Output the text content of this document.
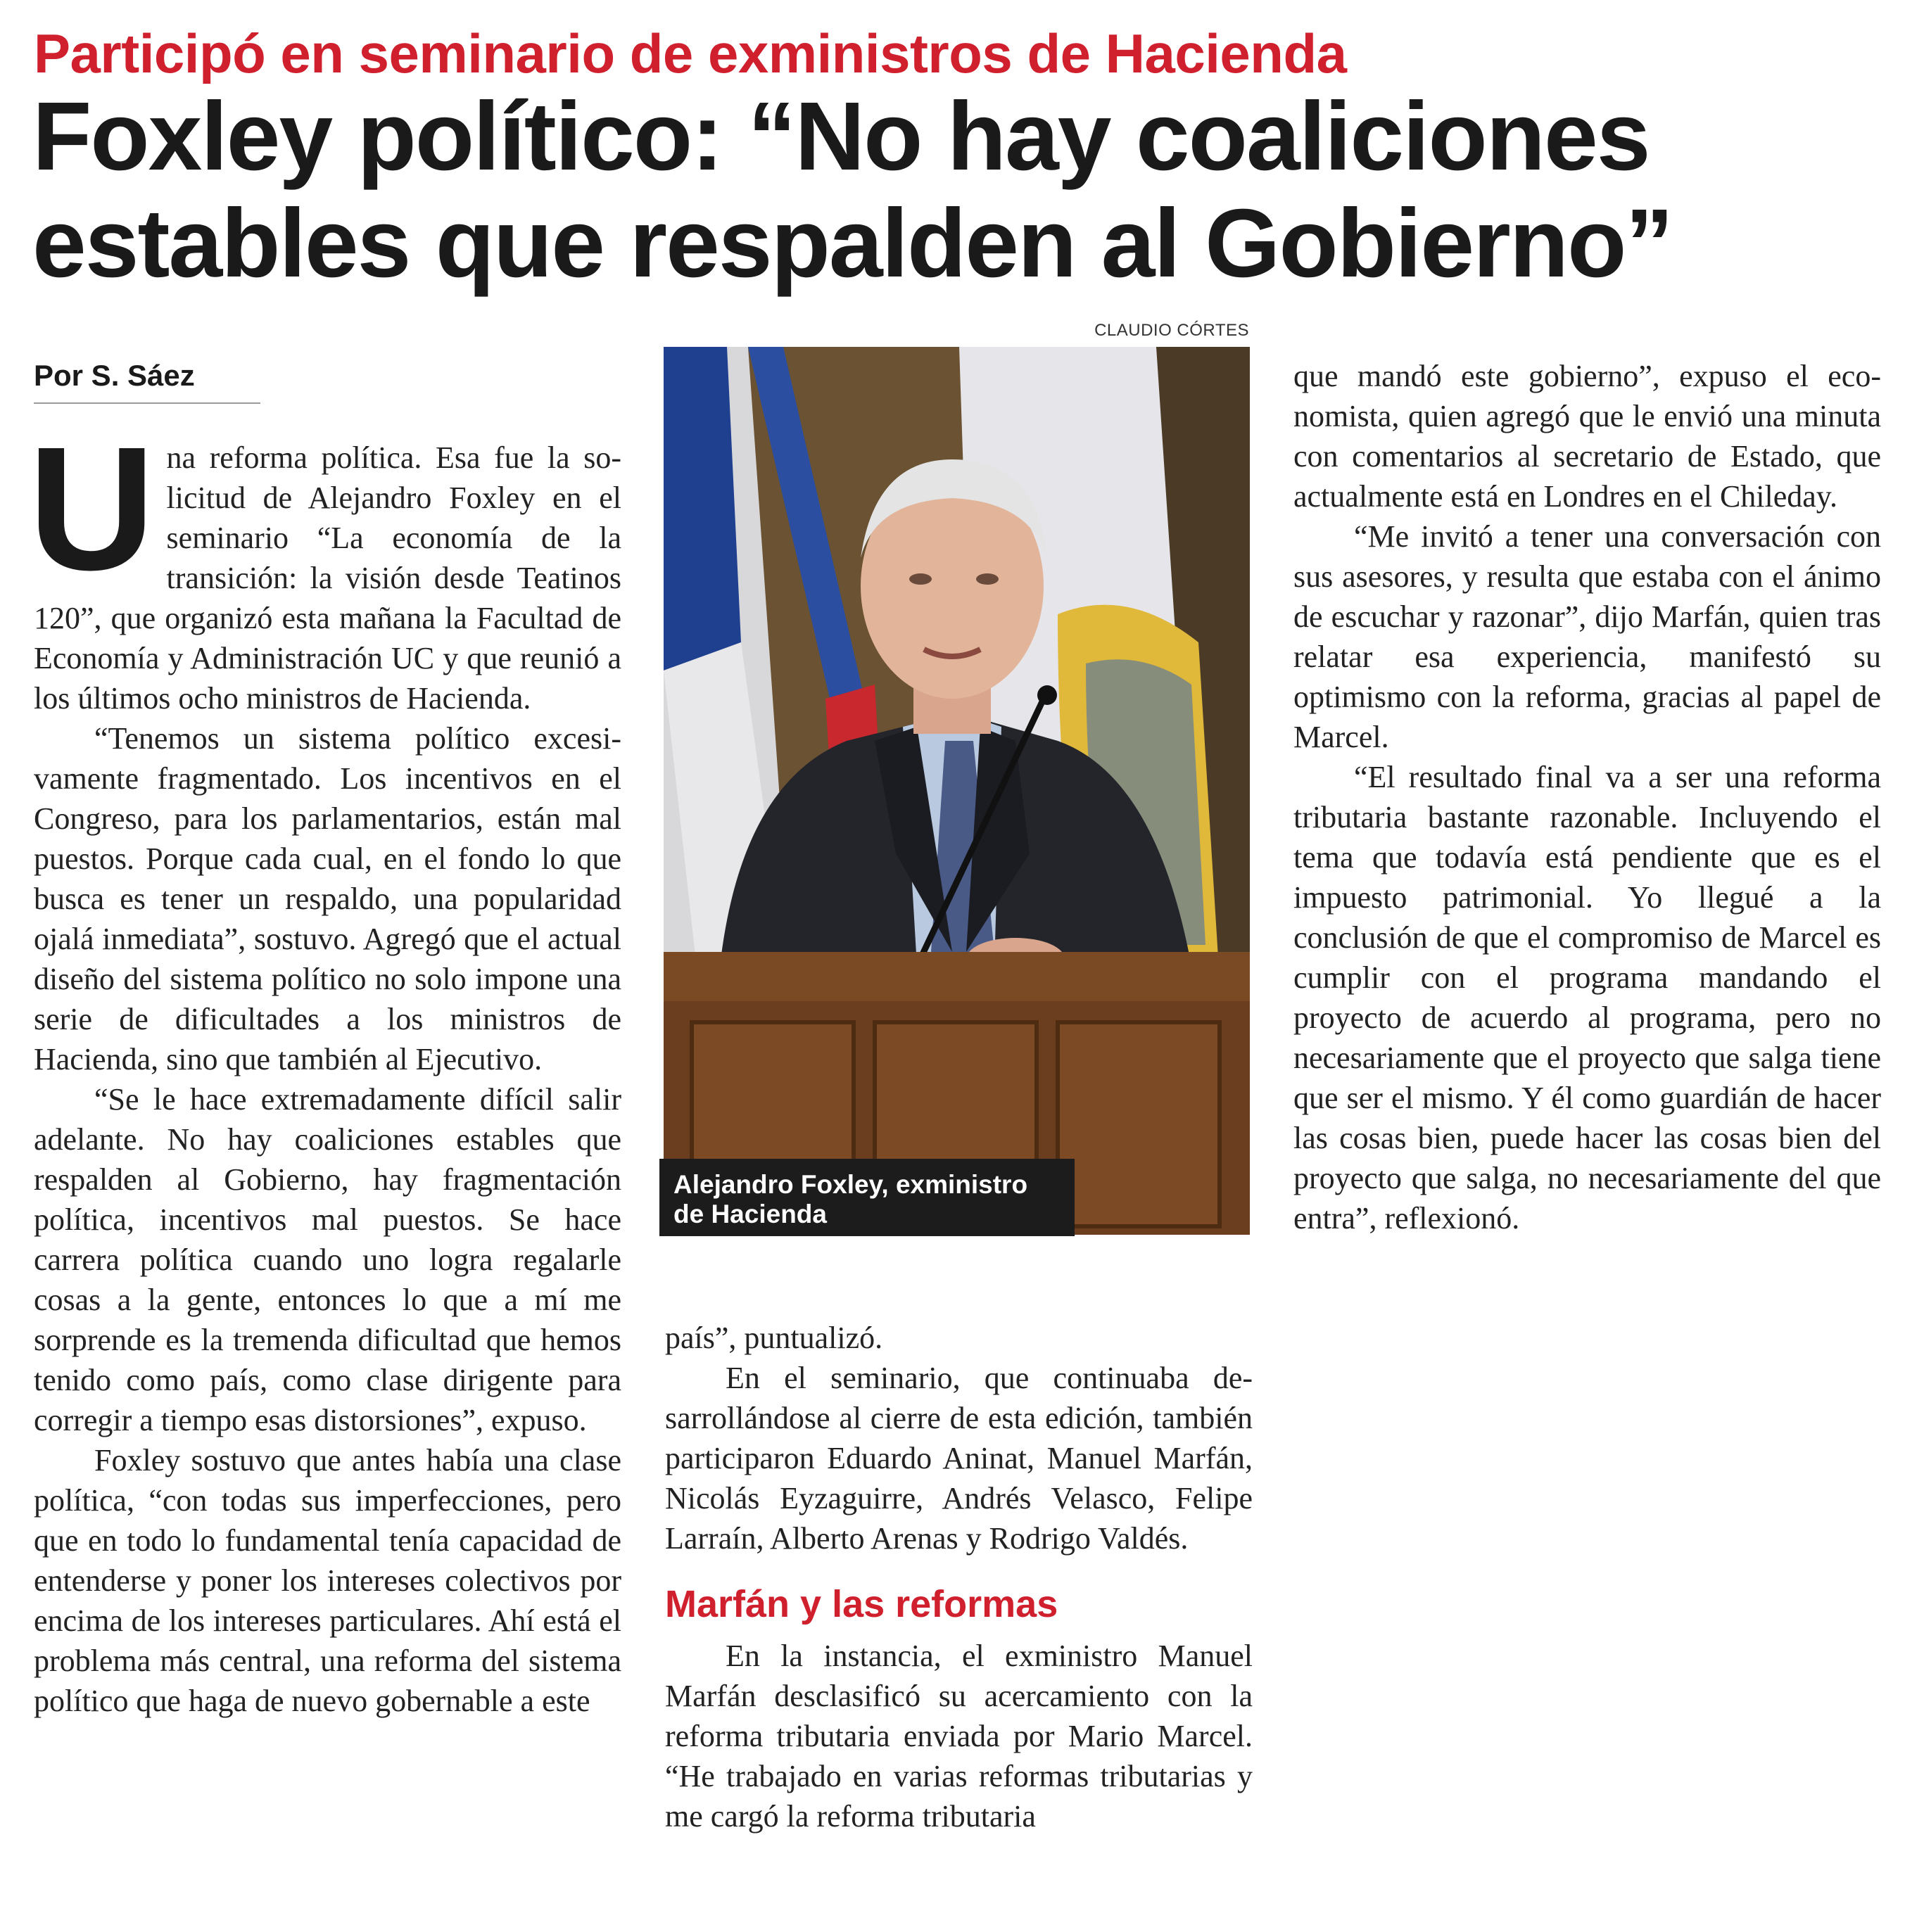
Participó en seminario de exministros de Hacienda
Foxley político: “No hay coaliciones
estables que respalden al Gobierno”
Por S. Sáez

Una reforma política. Esa fue la solicitud de Alejandro Foxley en el seminario “La economía de la transición: la visión desde Teatinos 120”, que organizó esta mañana la Facultad de Economía y Administración UC y que reunió a los últimos ocho ministros de Hacienda.

“Tenemos un sistema político excesivamente fragmentado. Los incentivos en el Congreso, para los parlamentarios, están mal puestos. Porque cada cual, en el fondo lo que busca es tener un respaldo, una popularidad ojalá inmediata”, sostuvo. Agregó que el actual diseño del sistema político no solo impone una serie de dificultades a los ministros de Hacienda, sino que también al Ejecutivo.

“Se le hace extremadamente difícil salir adelante. No hay coaliciones estables que respalden al Gobierno, hay fragmentación política, incentivos mal puestos. Se hace carrera política cuando uno logra regalarle cosas a la gente, entonces lo que a mí me sorprende es la tremenda dificultad que hemos tenido como país, como clase dirigente para corregir a tiempo esas distorsiones”, expuso.

Foxley sostuvo que antes había una clase política, “con todas sus imperfecciones, pero que en todo lo fundamental tenía capacidad de entenderse y poner los intereses colectivos por encima de los intereses particulares. Ahí está el problema más central, una reforma del sistema político que haga de nuevo gobernable a este

CLAUDIO CÓRTES
Alejandro Foxley, exministro
de Hacienda

país”, puntualizó.

En el seminario, que continuaba desarrollándose al cierre de esta edición, también participaron Eduardo Aninat, Manuel Marfán, Nicolás Eyzaguirre, Andrés Velasco, Felipe Larraín, Alberto Arenas y Rodrigo Valdés.

Marfán y las reformas

En la instancia, el exministro Manuel Marfán desclasificó su acercamiento con la reforma tributaria enviada por Mario Marcel. “He trabajado en varias reformas tributarias y me cargó la reforma tributaria

que mandó este gobierno”, expuso el economista, quien agregó que le envió una minuta con comentarios al secretario de Estado, que actualmente está en Londres en el Chileday.

“Me invitó a tener una conversación con sus asesores, y resulta que estaba con el ánimo de escuchar y razonar”, dijo Marfán, quien tras relatar esa experiencia, manifestó su optimismo con la reforma, gracias al papel de Marcel.

“El resultado final va a ser una reforma tributaria bastante razonable. Incluyendo el tema que todavía está pendiente que es el impuesto patrimonial. Yo llegué a la conclusión de que el compromiso de Marcel es cumplir con el programa mandando el proyecto de acuerdo al programa, pero no necesariamente que el proyecto que salga tiene que ser el mismo. Y él como guardián de hacer las cosas bien, puede hacer las cosas bien del proyecto que salga, no necesariamente del que entra”, reflexionó.
